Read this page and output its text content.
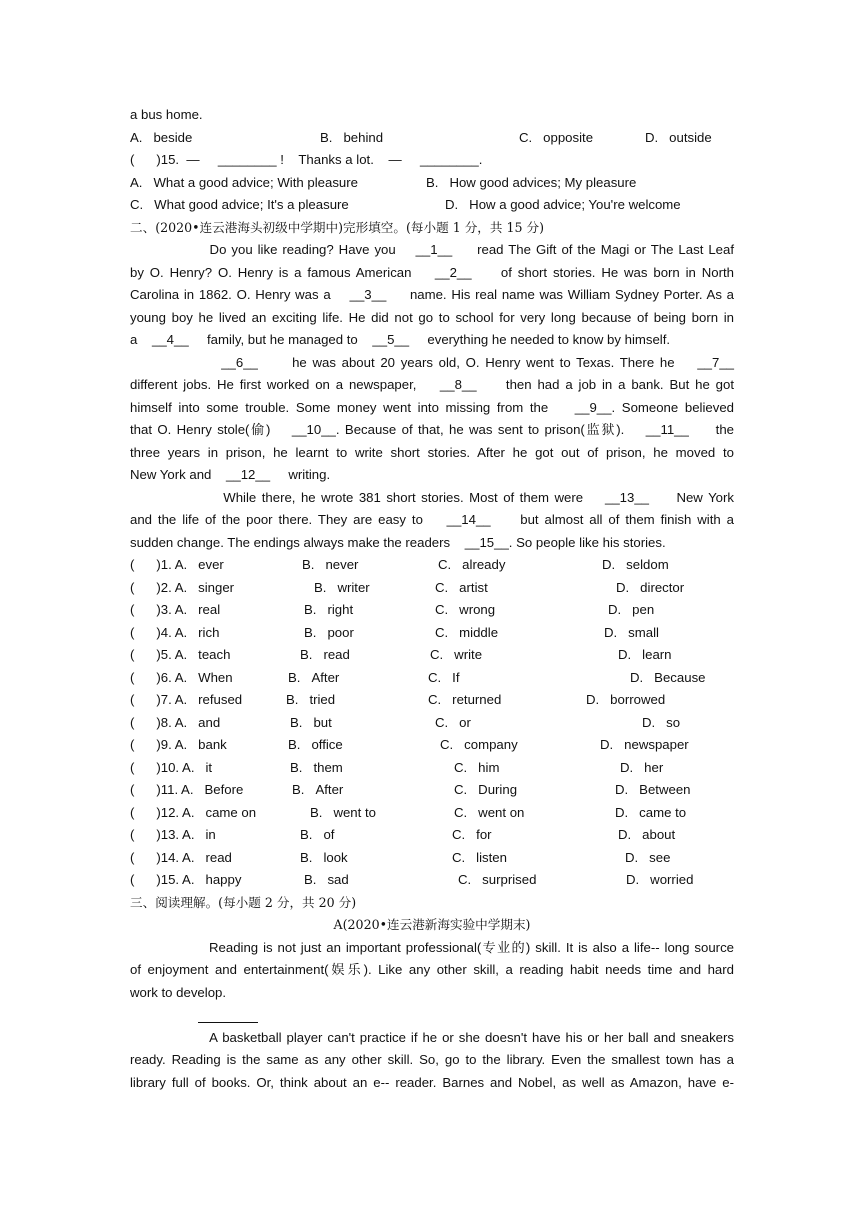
a bus home.
A.   beside	B.   behind	C.   opposite	D.   outside
(      )15.  —     ________ !    Thanks a lot.    —     ________.
A.   What a good advice; With pleasure	B.   How good advices; My pleasure
C.   What good advice; It's a pleasure	D.   How a good advice; You're welcome
二、(2020•连云港海头初级中学期中)完形填空。(每小题 1 分，共 15 分)
Do you like reading? Have you    __1__     read The Gift of the Magi or The Last Leaf
by O. Henry? O. Henry is a famous American    __2__     of short stories. He was born in North
Carolina in 1862. O. Henry was a    __3__     name. His real name was William Sydney Porter. As a
young boy he lived an exciting life. He did not go to school for very long because of being born in
a    __4__     family, but he managed to    __5__     everything he needed to know by himself.
__6__      he was about 20 years old, O. Henry went to Texas. There he    __7__
different jobs. He first worked on a newspaper,    __8__     then had a job in a bank. But he got
himself into some trouble. Some money went into missing from the    __9__. Someone believed
that O. Henry stole(偷)    __10__. Because of that, he was sent to prison(监狱).    __11__     the
three years in prison, he learnt to write short stories. After he got out of prison, he moved to
New York and    __12__     writing.
While there, he wrote 381 short stories. Most of them were    __13__     New York
and the life of the poor there. They are easy to    __14__     but almost all of them finish with a
sudden change. The endings always make the readers    __15__. So people like his stories.
(      )1. A.   ever	B.   never	C.   already	D.   seldom
(      )2. A.   singer	B.   writer	C.   artist	D.   director
(      )3. A.   real	B.   right	C.   wrong	D.   pen
(      )4. A.   rich	B.   poor	C.   middle	D.   small
(      )5. A.   teach	B.   read	C.   write	D.   learn
(      )6. A.   When	B.   After	C.   If	D.   Because
(      )7. A.   refused	B.   tried	C.   returned	D.   borrowed
(      )8. A.   and	B.   but	C.   or	D.   so
(      )9. A.   bank	B.   office	C.   company	D.   newspaper
(      )10. A.   it	B.   them	C.   him	D.   her
(      )11. A.   Before	B.   After	C.   During	D.   Between
(      )12. A.   came on	B.   went to	C.   went on	D.   came to
(      )13. A.   in	B.   of	C.   for	D.   about
(      )14. A.   read	B.   look	C.   listen	D.   see
(      )15. A.   happy	B.   sad	C.   surprised	D.   worried
三、阅读理解。(每小题 2 分，共 20 分)
A(2020•连云港新海实验中学期末)
Reading is not just an important professional(专业的) skill. It is also a life-- long source
of enjoyment and entertainment(娱乐). Like any other skill, a reading habit needs time and hard
work to develop.
A basketball player can't practice if he or she doesn't have his or her ball and sneakers
ready. Reading is the same as any other skill. So, go to the library. Even the smallest town has a
library full of books. Or, think about an e-- reader. Barnes and Nobel, as well as Amazon, have e-
